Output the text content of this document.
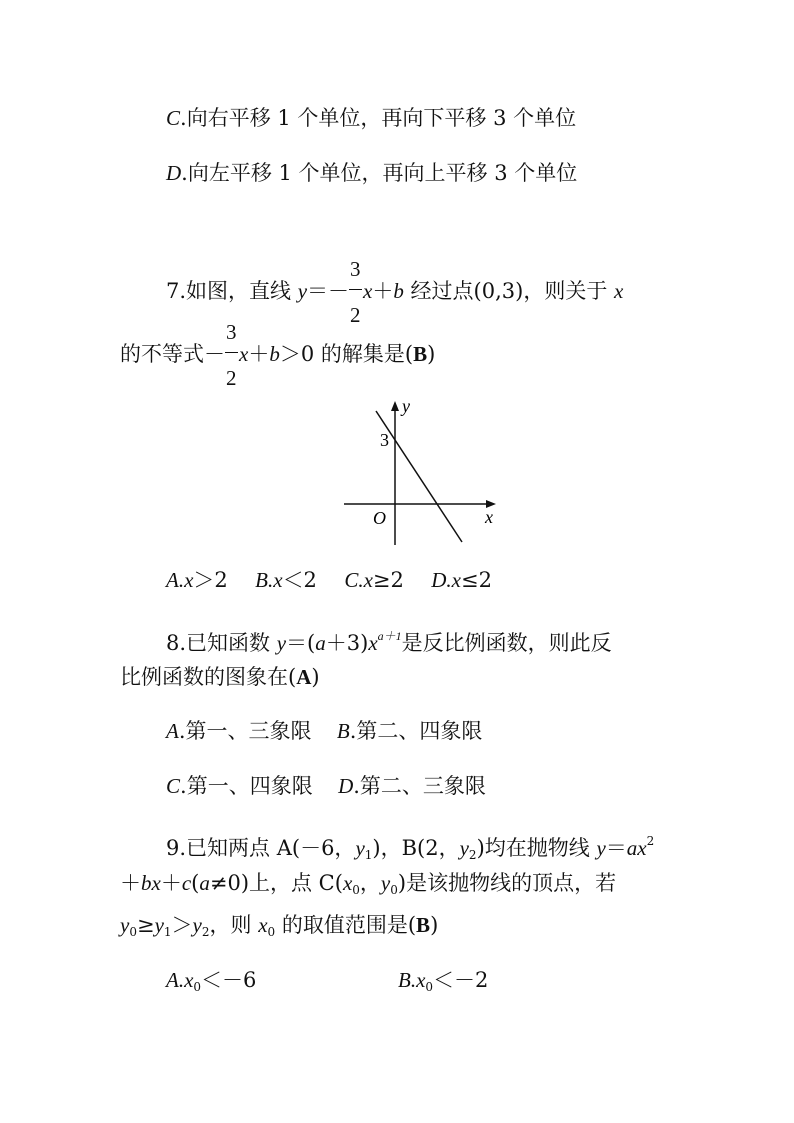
C.向右平移 1 个单位，再向下平移 3 个单位
D.向左平移 1 个单位，再向上平移 3 个单位
7.如图，直线 $y=- \frac{3}{2} x+b$ 经过点(0,3)，则关于 x
的不等式－ $\frac{3}{2} x+b>0$ 的解集是(B)
y
x
O
3
A.x＞2 B.x＜2 C.x≥2 D.x≤2
8.已知函数 $y=(a+3)x^{a+1}$是反比例函数，则此反
比例函数的图象在(A)
A.第一、三象限 B.第二、四象限
C.第一、四象限 D.第二、三象限
9.已知两点 A(－6，$y_1$)，B(2，$y_2$)均在抛物线 $y=ax^2$
＋bx＋c(a≠0)上，点 $C(x_0$，$y_0$)是该抛物线的顶点，若
$y_0\ge y_1>y_2$，则 $x_0$ 的取值范围是(B)
$A.x_0<-6$	$B.x_0<-2$
